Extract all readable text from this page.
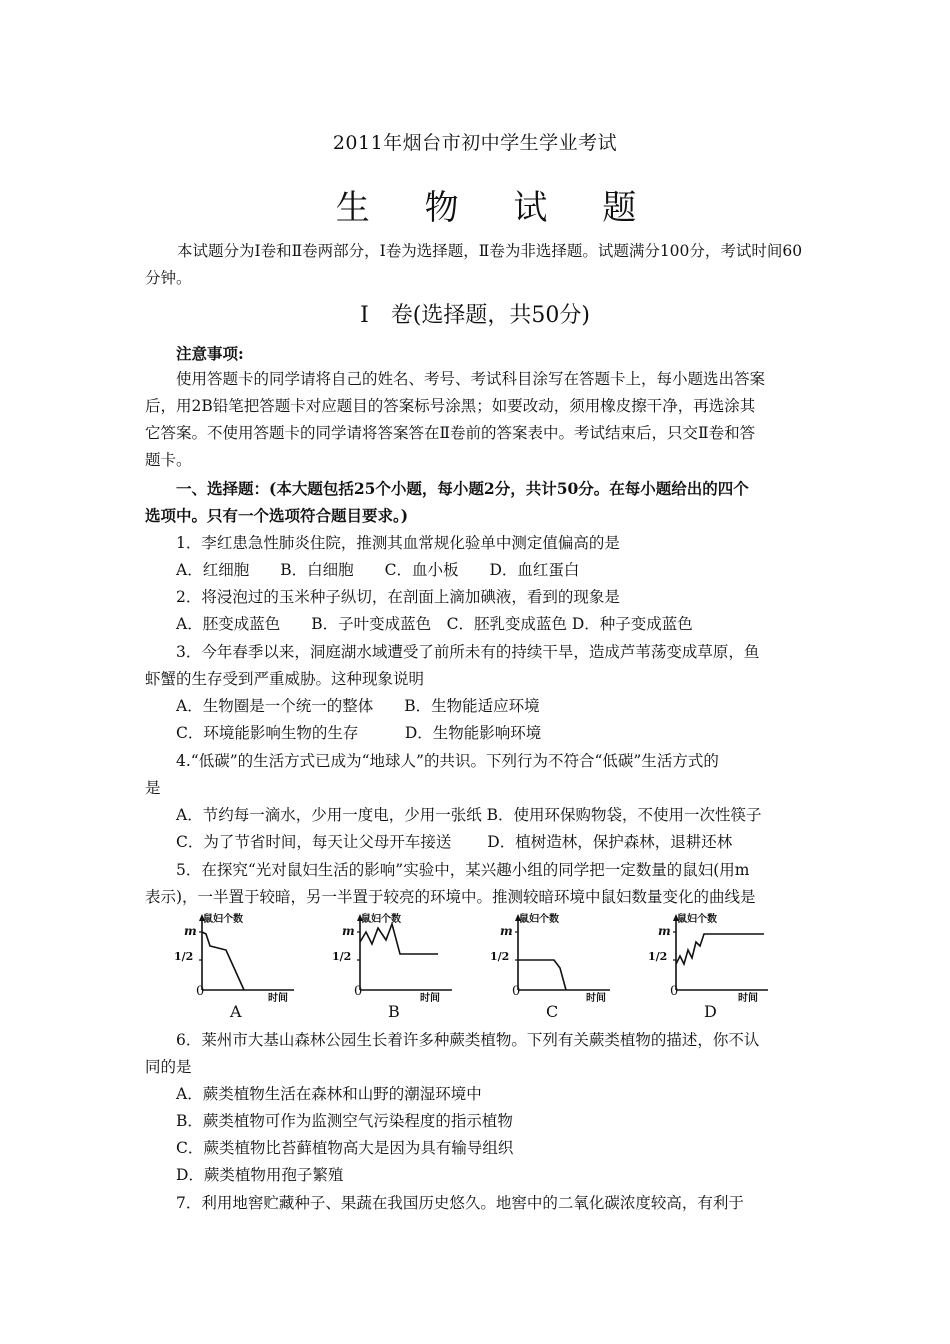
2011年烟台市初中学生学业考试
生 物 试 题
本试题分为I卷和Ⅱ卷两部分，I卷为选择题，Ⅱ卷为非选择题。试题满分100分，考试时间60分钟。
I　卷(选择题，共50分)
注意事项:
使用答题卡的同学请将自己的姓名、考号、考试科目涂写在答题卡上，每小题选出答案
后，用2B铅笔把答题卡对应题目的答案标号涂黑；如要改动，须用橡皮擦干净，再选涂其
它答案。不使用答题卡的同学请将答案答在Ⅱ卷前的答案表中。考试结束后，只交Ⅱ卷和答
题卡。
一、选择题：(本大题包括25个小题，每小题2分，共计50分。在每小题给出的四个
选项中。只有一个选项符合题目要求。)
1．李红患急性肺炎住院，推测其血常规化验单中测定值偏高的是
A．红细胞　　B．白细胞　　C．血小板　　D．血红蛋白
2．将浸泡过的玉米种子纵切，在剖面上滴加碘液，看到的现象是
A．胚变成蓝色　　B．子叶变成蓝色　C．胚乳变成蓝色 D．种子变成蓝色
3．今年春季以来，洞庭湖水域遭受了前所未有的持续干旱，造成芦苇荡变成草原，鱼
虾蟹的生存受到严重威胁。这种现象说明
A．生物圈是一个统一的整体　　B．生物能适应环境
C．环境能影响生物的生存　　　D．生物能影响环境
4.“低碳”的生活方式已成为“地球人”的共识。下列行为不符合“低碳”生活方式的
是
A．节约每一滴水，少用一度电，少用一张纸 B．使用环保购物袋，不使用一次性筷子
C．为了节省时间，每天让父母开车接送　　 D．植树造林，保护森林，退耕还林
5．在探究“光对鼠妇生活的影响”实验中，某兴趣小组的同学把一定数量的鼠妇(用m
表示)，一半置于较暗，另一半置于较亮的环境中。推测较暗环境中鼠妇数量变化的曲线是
鼠妇个数
m
1/2
0	时间
A
鼠妇个数
m
1/2
0	时间
B
鼠妇个数
m
1/2
0	时间
C
鼠妇个数
m
1/2
0	时间
D
6．莱州市大基山森林公园生长着许多种蕨类植物。下列有关蕨类植物的描述，你不认
同的是
A．蕨类植物生活在森林和山野的潮湿环境中
B．蕨类植物可作为监测空气污染程度的指示植物
C．蕨类植物比苔藓植物高大是因为具有输导组织
D．蕨类植物用孢子繁殖
7．利用地窖贮藏种子、果蔬在我国历史悠久。地窖中的二氧化碳浓度较高，有利于
